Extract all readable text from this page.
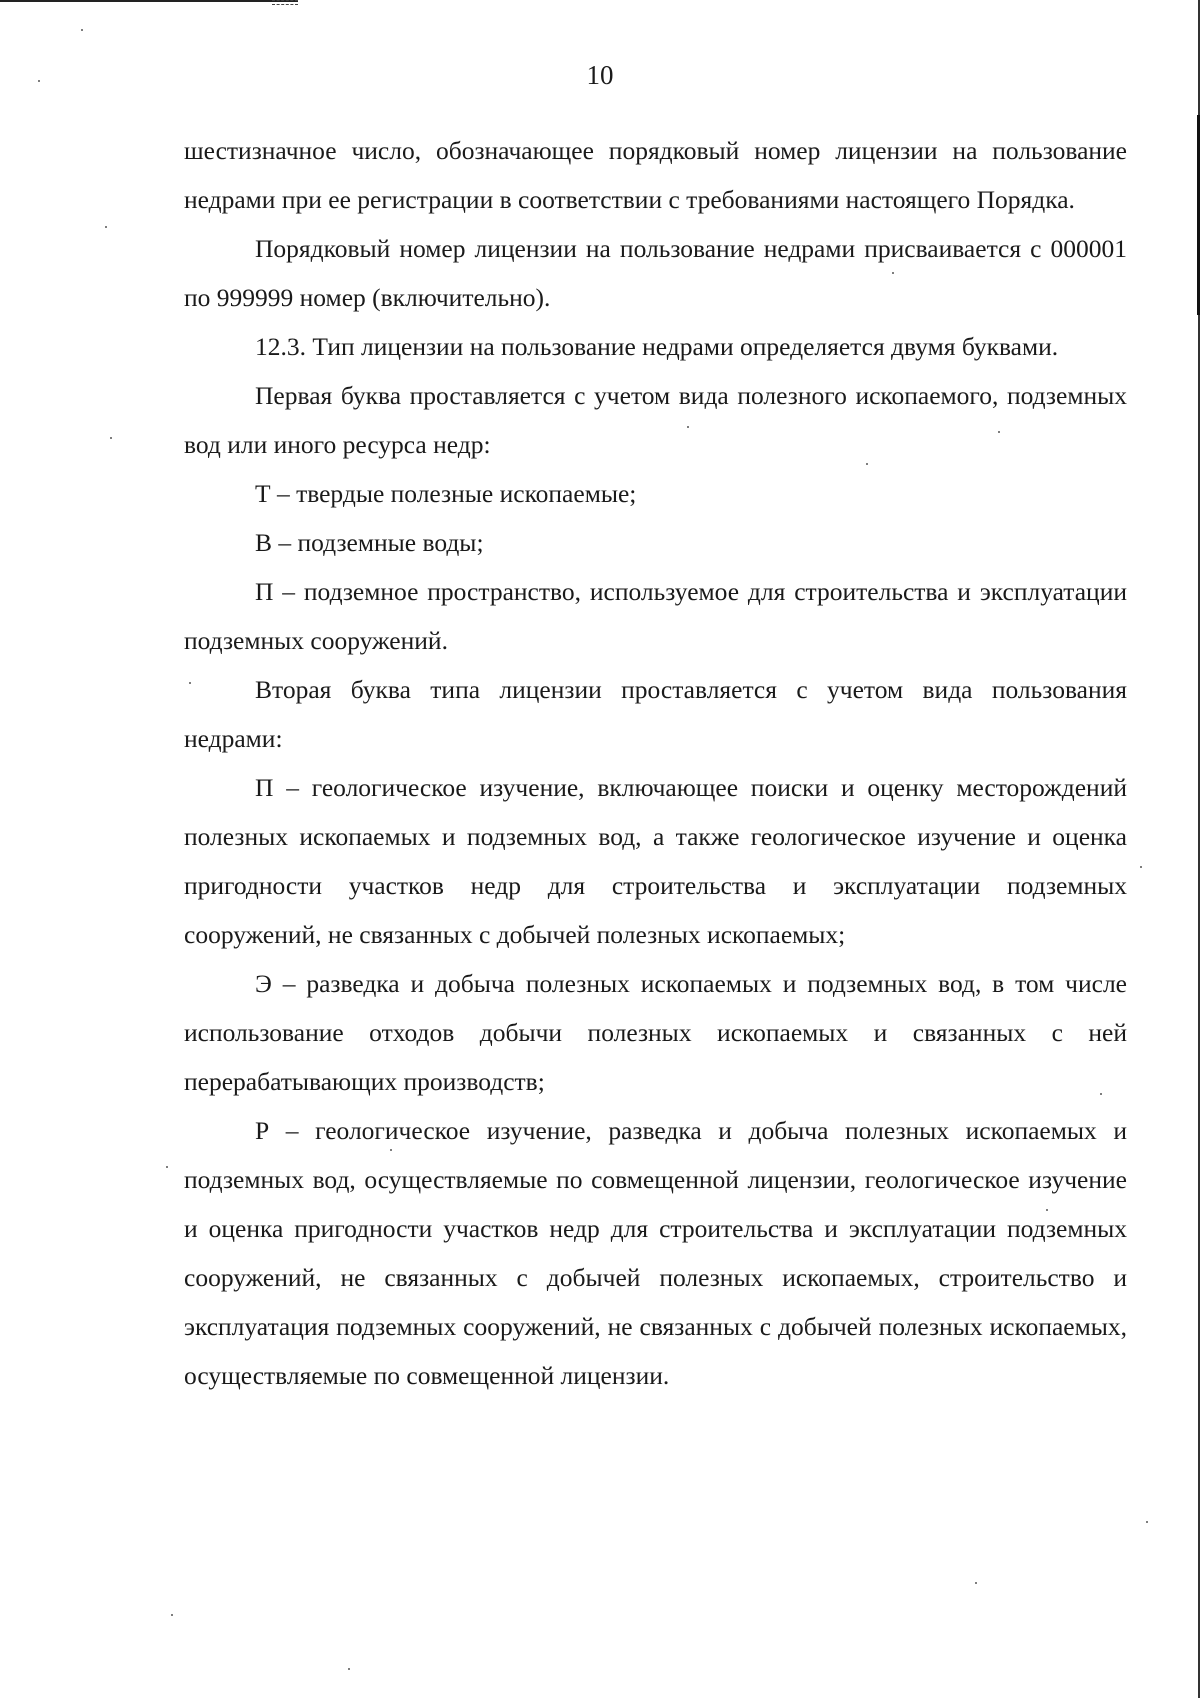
10

шестизначное число, обозначающее порядковый номер лицензии на пользование недрами при ее регистрации в соответствии с требованиями настоящего Порядка.

Порядковый номер лицензии на пользование недрами присваивается с 000001 по 999999 номер (включительно).

12.3. Тип лицензии на пользование недрами определяется двумя буквами.

Первая буква проставляется с учетом вида полезного ископаемого, подземных вод или иного ресурса недр:

Т – твердые полезные ископаемые;

В – подземные воды;

П – подземное пространство, используемое для строительства и эксплуатации подземных сооружений.

Вторая буква типа лицензии проставляется с учетом вида пользования недрами:

П – геологическое изучение, включающее поиски и оценку месторождений полезных ископаемых и подземных вод, а также геологическое изучение и оценка пригодности участков недр для строительства и эксплуатации подземных сооружений, не связанных с добычей полезных ископаемых;

Э – разведка и добыча полезных ископаемых и подземных вод, в том числе использование отходов добычи полезных ископаемых и связанных с ней перерабатывающих производств;

Р – геологическое изучение, разведка и добыча полезных ископаемых и подземных вод, осуществляемые по совмещенной лицензии, геологическое изучение и оценка пригодности участков недр для строительства и эксплуатации подземных сооружений, не связанных с добычей полезных ископаемых, строительство и эксплуатация подземных сооружений, не связанных с добычей полезных ископаемых, осуществляемые по совмещенной лицензии.
